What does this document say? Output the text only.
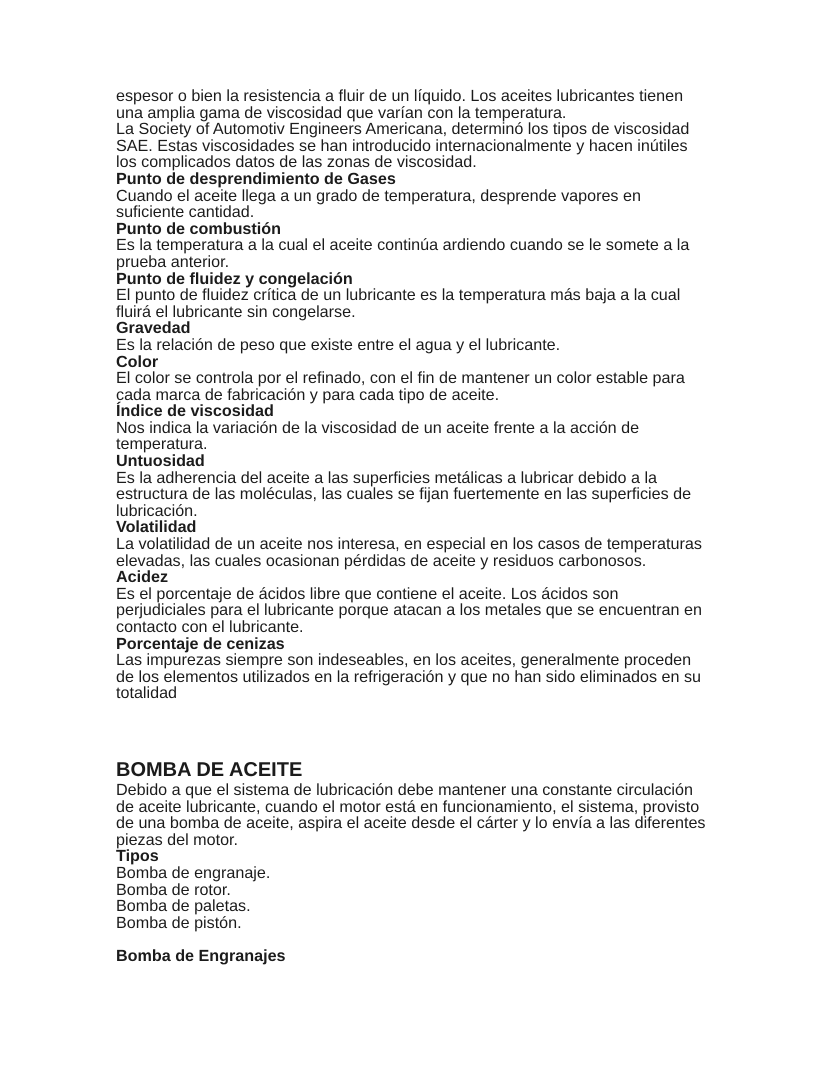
espesor o bien la resistencia a fluir de un líquido. Los aceites lubricantes tienen una amplia gama de viscosidad que varían con la temperatura.

La Society of Automotiv Engineers Americana, determinó los tipos de viscosidad SAE. Estas viscosidades se han introducido internacionalmente y hacen inútiles los complicados datos de las zonas de viscosidad.

Punto de desprendimiento de Gases

Cuando el aceite llega a un grado de temperatura, desprende vapores en suficiente cantidad.

Punto de combustión

Es la temperatura a la cual el aceite continúa ardiendo cuando se le somete a la prueba anterior.

Punto de fluidez y congelación

El punto de fluidez crítica de un lubricante es la temperatura más baja a la cual fluirá el lubricante sin congelarse.

Gravedad

Es la relación de peso que existe entre el agua y el lubricante.

Color

El color se controla por el refinado, con el fin de mantener un color estable para cada marca de fabricación y para cada tipo de aceite.

Índice de viscosidad

Nos indica la variación de la viscosidad de un aceite frente a la acción de temperatura.

Untuosidad

Es la adherencia del aceite a las superficies metálicas a lubricar debido a la estructura de las moléculas, las cuales se fijan fuertemente en las superficies de lubricación.

Volatilidad

La volatilidad de un aceite nos interesa, en especial en los casos de temperaturas elevadas, las cuales ocasionan pérdidas de aceite y residuos carbonosos.

Acidez

Es el porcentaje de ácidos libre que contiene el aceite. Los ácidos son perjudiciales para el lubricante porque atacan a los metales que se encuentran en contacto con el lubricante.

Porcentaje de cenizas

Las impurezas siempre son indeseables, en los aceites, generalmente proceden de los elementos utilizados en la refrigeración y que no han sido eliminados en su totalidad

BOMBA DE ACEITE

Debido a que el sistema de lubricación debe mantener una constante circulación de aceite lubricante, cuando el motor está en funcionamiento, el sistema, provisto de una bomba de aceite, aspira el aceite desde el cárter y lo envía a las diferentes piezas del motor.

Tipos

Bomba de engranaje.

Bomba de rotor.

Bomba de paletas.

Bomba de pistón.

Bomba de Engranajes
